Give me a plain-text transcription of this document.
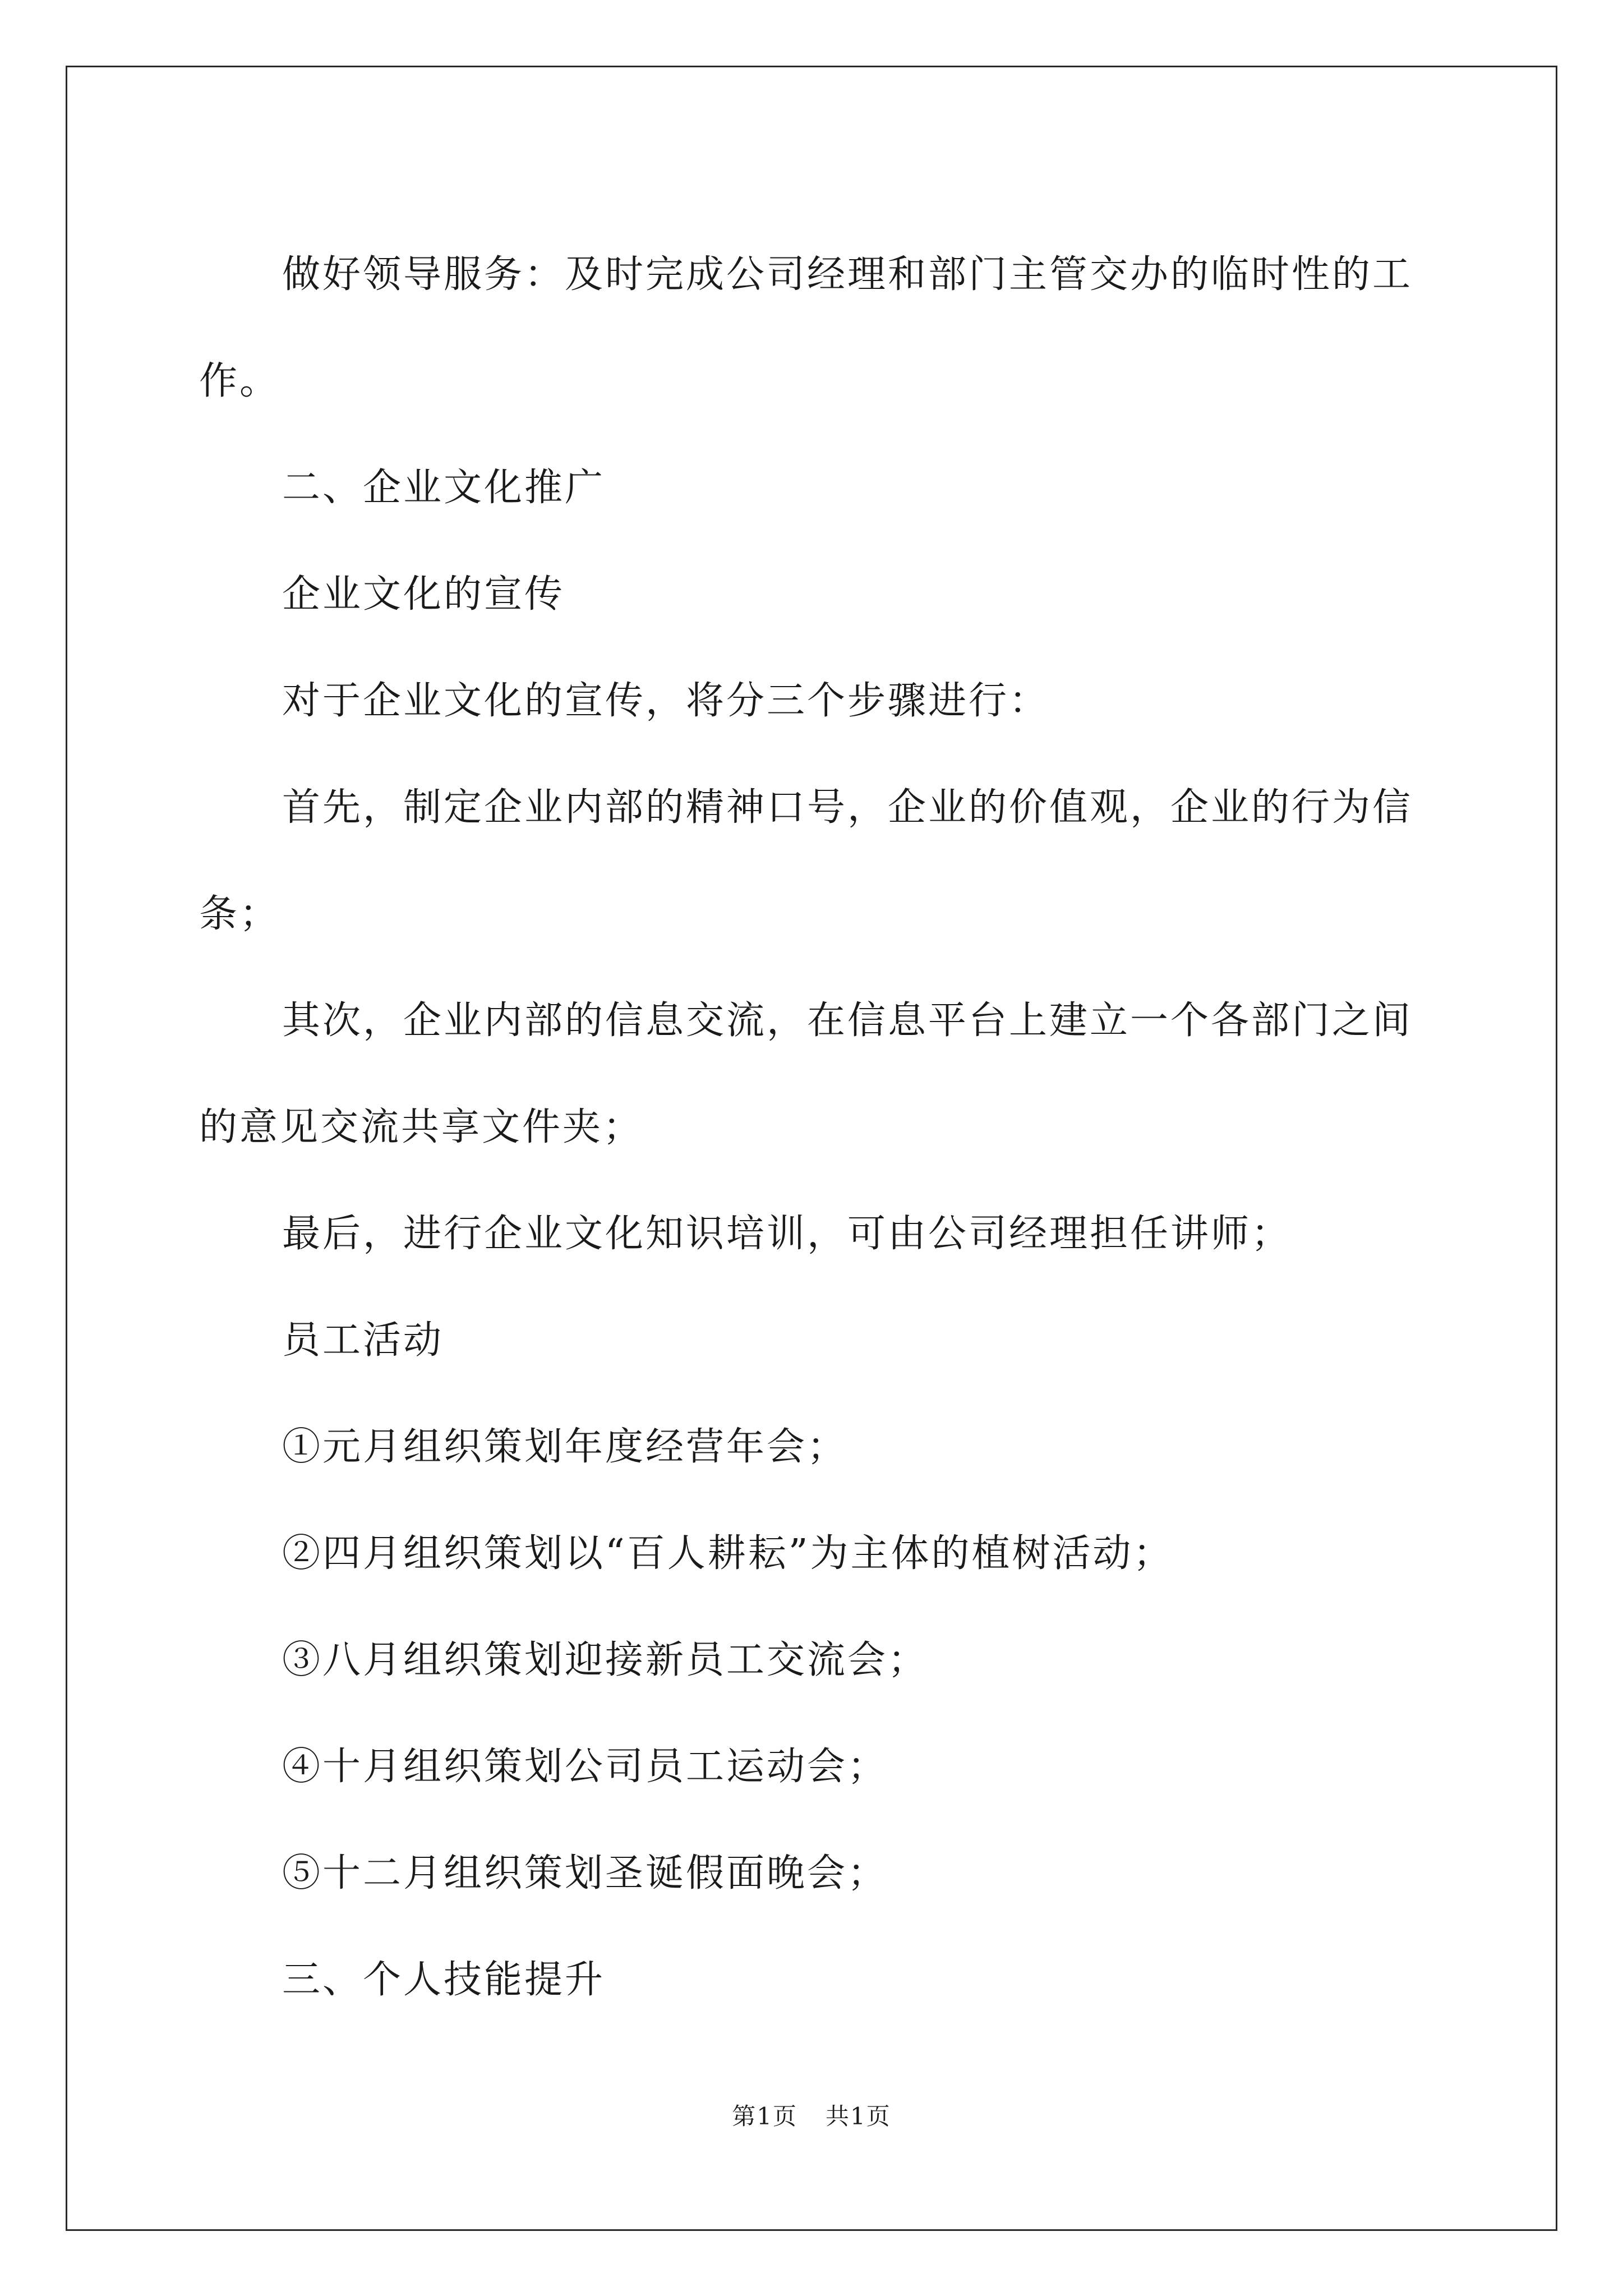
做好领导服务：及时完成公司经理和部门主管交办的临时性的工作。

二、企业文化推广

企业文化的宣传

对于企业文化的宣传，将分三个步骤进行：

首先，制定企业内部的精神口号，企业的价值观，企业的行为信条；

其次，企业内部的信息交流，在信息平台上建立一个各部门之间的意见交流共享文件夹；

最后，进行企业文化知识培训，可由公司经理担任讲师；

员工活动

①元月组织策划年度经营年会；

②四月组织策划以“百人耕耘”为主体的植树活动；

③八月组织策划迎接新员工交流会；

④十月组织策划公司员工运动会；

⑤十二月组织策划圣诞假面晚会；

三、个人技能提升

第1页 共1页
